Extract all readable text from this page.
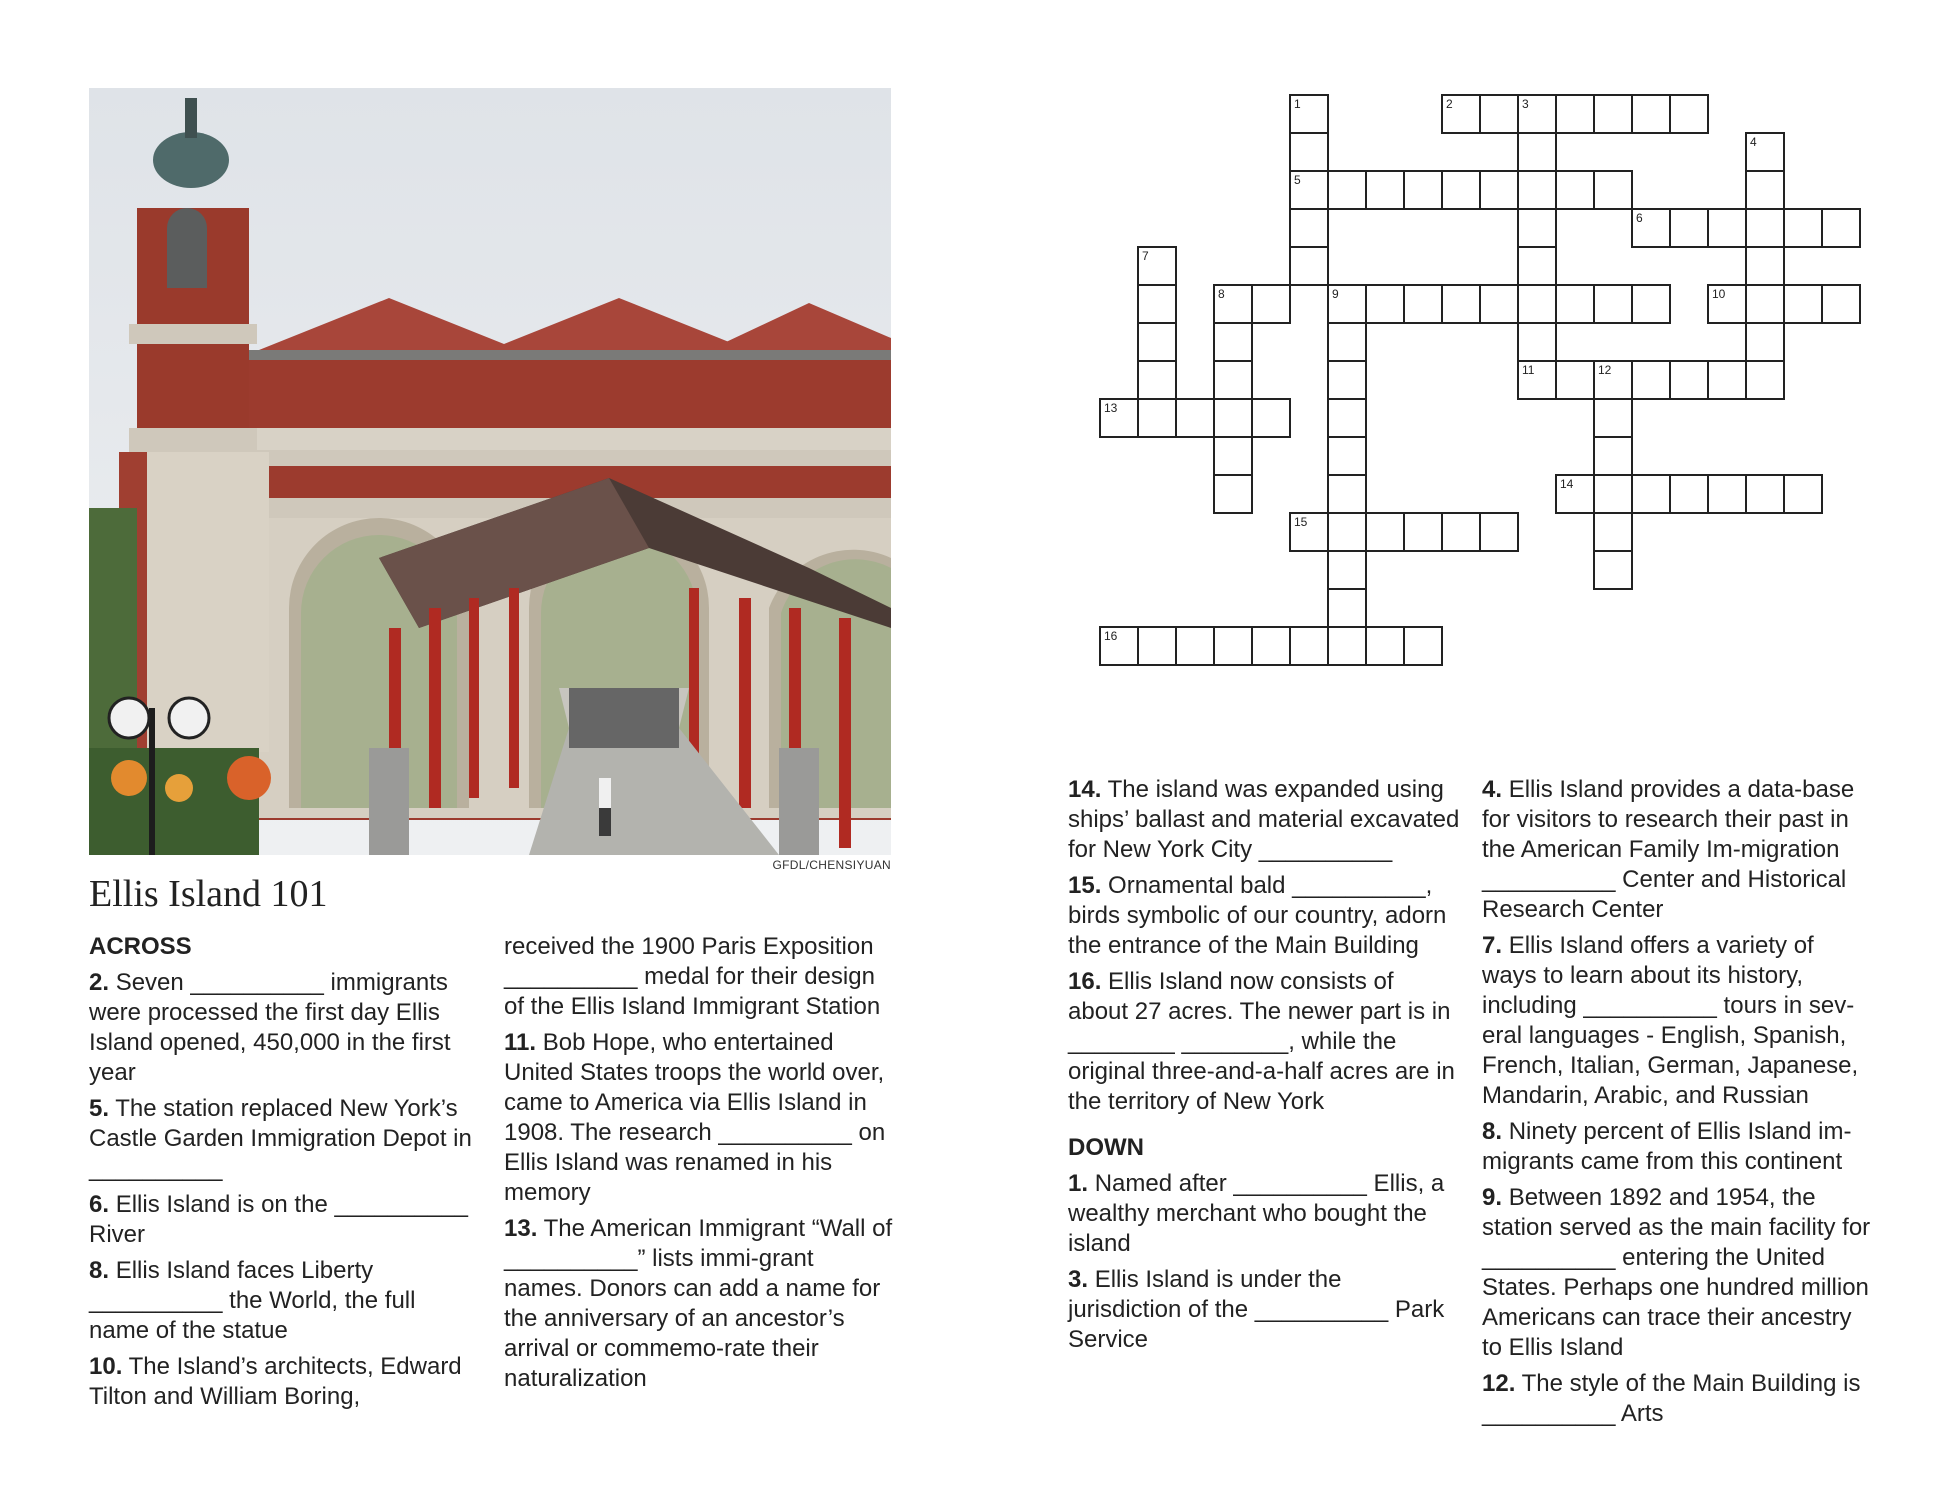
GFDL/CHENSIYUAN
Ellis Island 101
1	2	3
4
5
6
7
8	9	10
11	12
13
14
15
16

ACROSS

2. Seven __________ immigrants were processed the first day Ellis Island opened, 450,000 in the first year

5. The station replaced New York’s Castle Garden Immigration Depot in __________

6. Ellis Island is on the __________ River

8. Ellis Island faces Liberty __________ the World, the full name of the statue

10. The Island’s architects, Edward Tilton and William Boring,

received the 1900 Paris Exposition __________ medal for their design of the Ellis Island Immigrant Station

11. Bob Hope, who entertained United States troops the world over, came to America via Ellis Island in 1908. The research __________ on Ellis Island was renamed in his memory

13. The American Immigrant “Wall of __________” lists immi-grant names. Donors can add a name for the anniversary of an ancestor’s arrival or commemo-rate their naturalization

14. The island was expanded using ships’ ballast and material excavated for New York City __________

15. Ornamental bald __________, birds symbolic of our country, adorn the entrance of the Main Building

16. Ellis Island now consists of about 27 acres. The newer part is in ________ ________, while the original three-and-a-half acres are in the territory of New York

DOWN

1. Named after __________ Ellis, a wealthy merchant who bought the island

3. Ellis Island is under the jurisdiction of the __________ Park Service

4. Ellis Island provides a data-base for visitors to research their past in the American Family Im-migration __________ Center and Historical Research Center

7. Ellis Island offers a variety of ways to learn about its history, including __________ tours in sev-eral languages - English, Spanish, French, Italian, German, Japanese, Mandarin, Arabic, and Russian

8. Ninety percent of Ellis Island im-migrants came from this continent

9. Between 1892 and 1954, the station served as the main facility for __________ entering the United States. Perhaps one hundred million Americans can trace their ancestry to Ellis Island

12. The style of the Main Building is __________ Arts
